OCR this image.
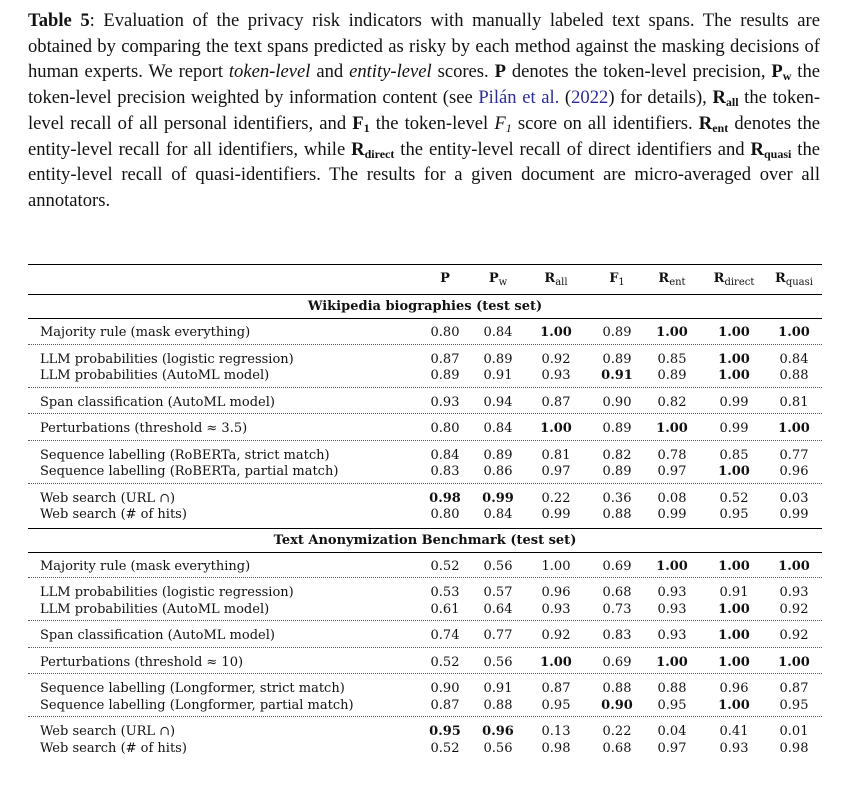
Table 5: Evaluation of the privacy risk indicators with manually labeled text spans. The results are obtained by comparing the text spans predicted as risky by each method against the masking decisions of human experts. We report token-level and entity-level scores. P denotes the token-level precision, $P_w$ the token-level precision weighted by information content (see Pilán et al. (2022) for details), $R_{all}$ the token-level recall of all personal identifiers, and $F_1$ the token-level $F_1$ score on all identifiers. $R_{ent}$ denotes the entity-level recall for all identifiers, while $R_{direct}$ the entity-level recall of direct identifiers and $R_{quasi}$ the entity-level recall of quasi-identifiers. The results for a given document are micro-averaged over all annotators.
P	$P_w$	$R_{all}$	$F_1$	$R_{ent}$	$R_{direct}$	$R_{quasi}$
Wikipedia biographies (test set)
Majority rule (mask everything)	0.80	0.84	1.00	0.89	1.00	1.00	1.00
LLM probabilities (logistic regression)	0.87	0.89	0.92	0.89	0.85	1.00	0.84
LLM probabilities (AutoML model)	0.89	0.91	0.93	0.91	0.89	1.00	0.88
Span classification (AutoML model)	0.93	0.94	0.87	0.90	0.82	0.99	0.81
Perturbations (threshold ≈ 3.5)	0.80	0.84	1.00	0.89	1.00	0.99	1.00
Sequence labelling (RoBERTa, strict match)	0.84	0.89	0.81	0.82	0.78	0.85	0.77
Sequence labelling (RoBERTa, partial match)	0.83	0.86	0.97	0.89	0.97	1.00	0.96
Web search (URL ∩)	0.98	0.99	0.22	0.36	0.08	0.52	0.03
Web search (# of hits)	0.80	0.84	0.99	0.88	0.99	0.95	0.99
Text Anonymization Benchmark (test set)
Majority rule (mask everything)	0.52	0.56	1.00	0.69	1.00	1.00	1.00
LLM probabilities (logistic regression)	0.53	0.57	0.96	0.68	0.93	0.91	0.93
LLM probabilities (AutoML model)	0.61	0.64	0.93	0.73	0.93	1.00	0.92
Span classification (AutoML model)	0.74	0.77	0.92	0.83	0.93	1.00	0.92
Perturbations (threshold ≈ 10)	0.52	0.56	1.00	0.69	1.00	1.00	1.00
Sequence labelling (Longformer, strict match)	0.90	0.91	0.87	0.88	0.88	0.96	0.87
Sequence labelling (Longformer, partial match)	0.87	0.88	0.95	0.90	0.95	1.00	0.95
Web search (URL ∩)	0.95	0.96	0.13	0.22	0.04	0.41	0.01
Web search (# of hits)	0.52	0.56	0.98	0.68	0.97	0.93	0.98
